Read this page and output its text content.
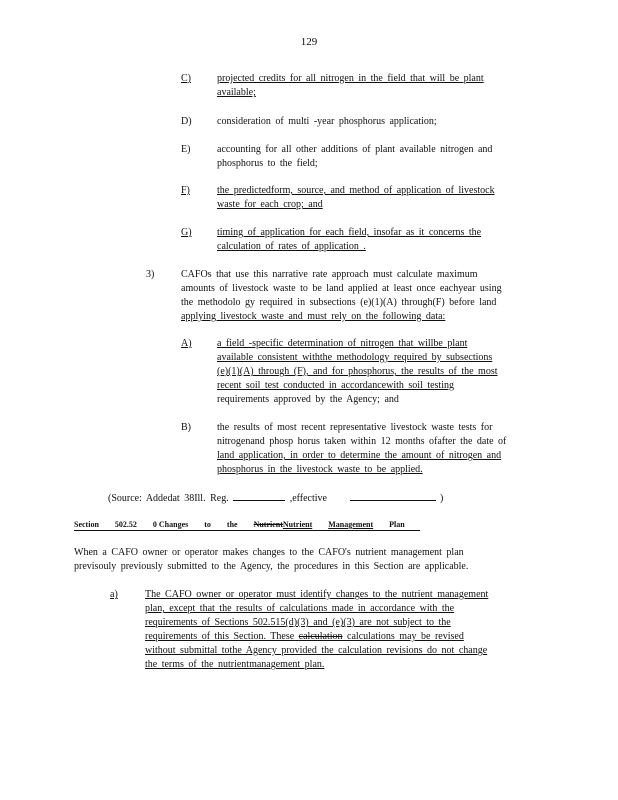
129
C)	projected credits for all nitrogen in the field that will be plant
available;
D)	consideration of multi -year phosphorus application;
E)	accounting for all other additions of plant available nitrogen and
phosphorus to the field;
F)	the predictedform, source, and method of application of livestock
waste for each crop; and
G)	timing of application for each field, insofar as it concerns the
calculation of rates of application .
3)	CAFOs that use this narrative rate approach must calculate maximum
amounts of livestock waste to be land applied at least once eachyear using
the methodolo gy required in subsections (e)(1)(A) through(F) before land
applying livestock waste and must rely on the following data:
A)	a field -specific determination of nitrogen that willbe plant
available consistent withthe methodology required by subsections
(e)(1)(A) through (F), and for phosphorus, the results of the most
recent soil test conducted in accordancewith soil testing
requirements approved by the Agency; and
B)	the results of most recent representative livestock waste tests for
nitrogenand phosp horus taken within 12 months ofafter the date of
land application, in order to determine the amount of nitrogen and
phosphorus in the livestock waste to be applied.
(Source: Addedat 38Ill. Reg.	,effective	)
Section 502.52 0 Changes to the NutrientNutrient Management Plan
When a CAFO owner or operator makes changes to the CAFO's nutrient management plan
previsouly previously submitted to the Agency, the procedures in this Section are applicable.
a)	The CAFO owner or operator must identify changes to the nutrient management
plan, except that the results of calculations made in accordance with the
requirements of Sections 502.515(d)(3) and (e)(3) are not subject to the
requirements of this Section. These calculation calculations may be revised
without submittal tothe Agency provided the calculation revisions do not change
the terms of the nutrientmanagement plan.
